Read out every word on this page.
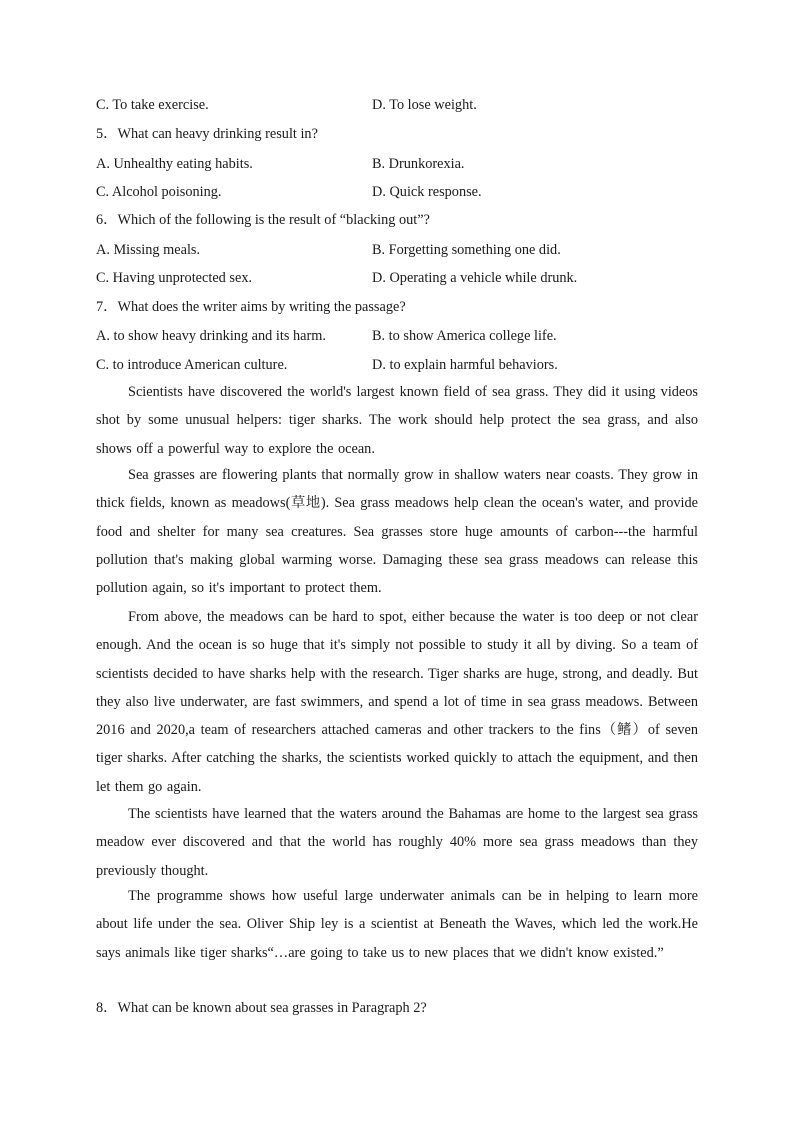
C. To take exercise.	D. To lose weight.
5．What can heavy drinking result in?
A. Unhealthy eating habits.	B. Drunkorexia.
C. Alcohol poisoning.	D. Quick response.
6．Which of the following is the result of “blacking out”?
A. Missing meals.	B. Forgetting something one did.
C. Having unprotected sex.	D. Operating a vehicle while drunk.
7．What does the writer aims by writing the passage?
A. to show heavy drinking and its harm.	B. to show America college life.
C. to introduce American culture.	D. to explain harmful behaviors.

Scientists have discovered the world's largest known field of sea grass. They did it using videos shot by some unusual helpers: tiger sharks. The work should help protect the sea grass, and also shows off a powerful way to explore the ocean.

Sea grasses are flowering plants that normally grow in shallow waters near coasts. They grow in thick fields, known as meadows(草地). Sea grass meadows help clean the ocean's water, and provide food and shelter for many sea creatures. Sea grasses store huge amounts of carbon---the harmful pollution that's making global warming worse. Damaging these sea grass meadows can release this pollution again, so it's important to protect them.

From above, the meadows can be hard to spot, either because the water is too deep or not clear enough. And the ocean is so huge that it's simply not possible to study it all by diving. So a team of scientists decided to have sharks help with the research. Tiger sharks are huge, strong, and deadly. But they also live underwater, are fast swimmers, and spend a lot of time in sea grass meadows. Between 2016 and 2020,a team of researchers attached cameras and other trackers to the fins（鳍）of seven tiger sharks. After catching the sharks, the scientists worked quickly to attach the equipment, and then let them go again.

The scientists have learned that the waters around the Bahamas are home to the largest sea grass meadow ever discovered and that the world has roughly 40% more sea grass meadows than they previously thought.

The programme shows how useful large underwater animals can be in helping to learn more about life under the sea. Oliver Ship ley is a scientist at Beneath the Waves, which led the work.He says animals like tiger sharks“…are going to take us to new places that we didn't know existed.”

8．What can be known about sea grasses in Paragraph 2?
